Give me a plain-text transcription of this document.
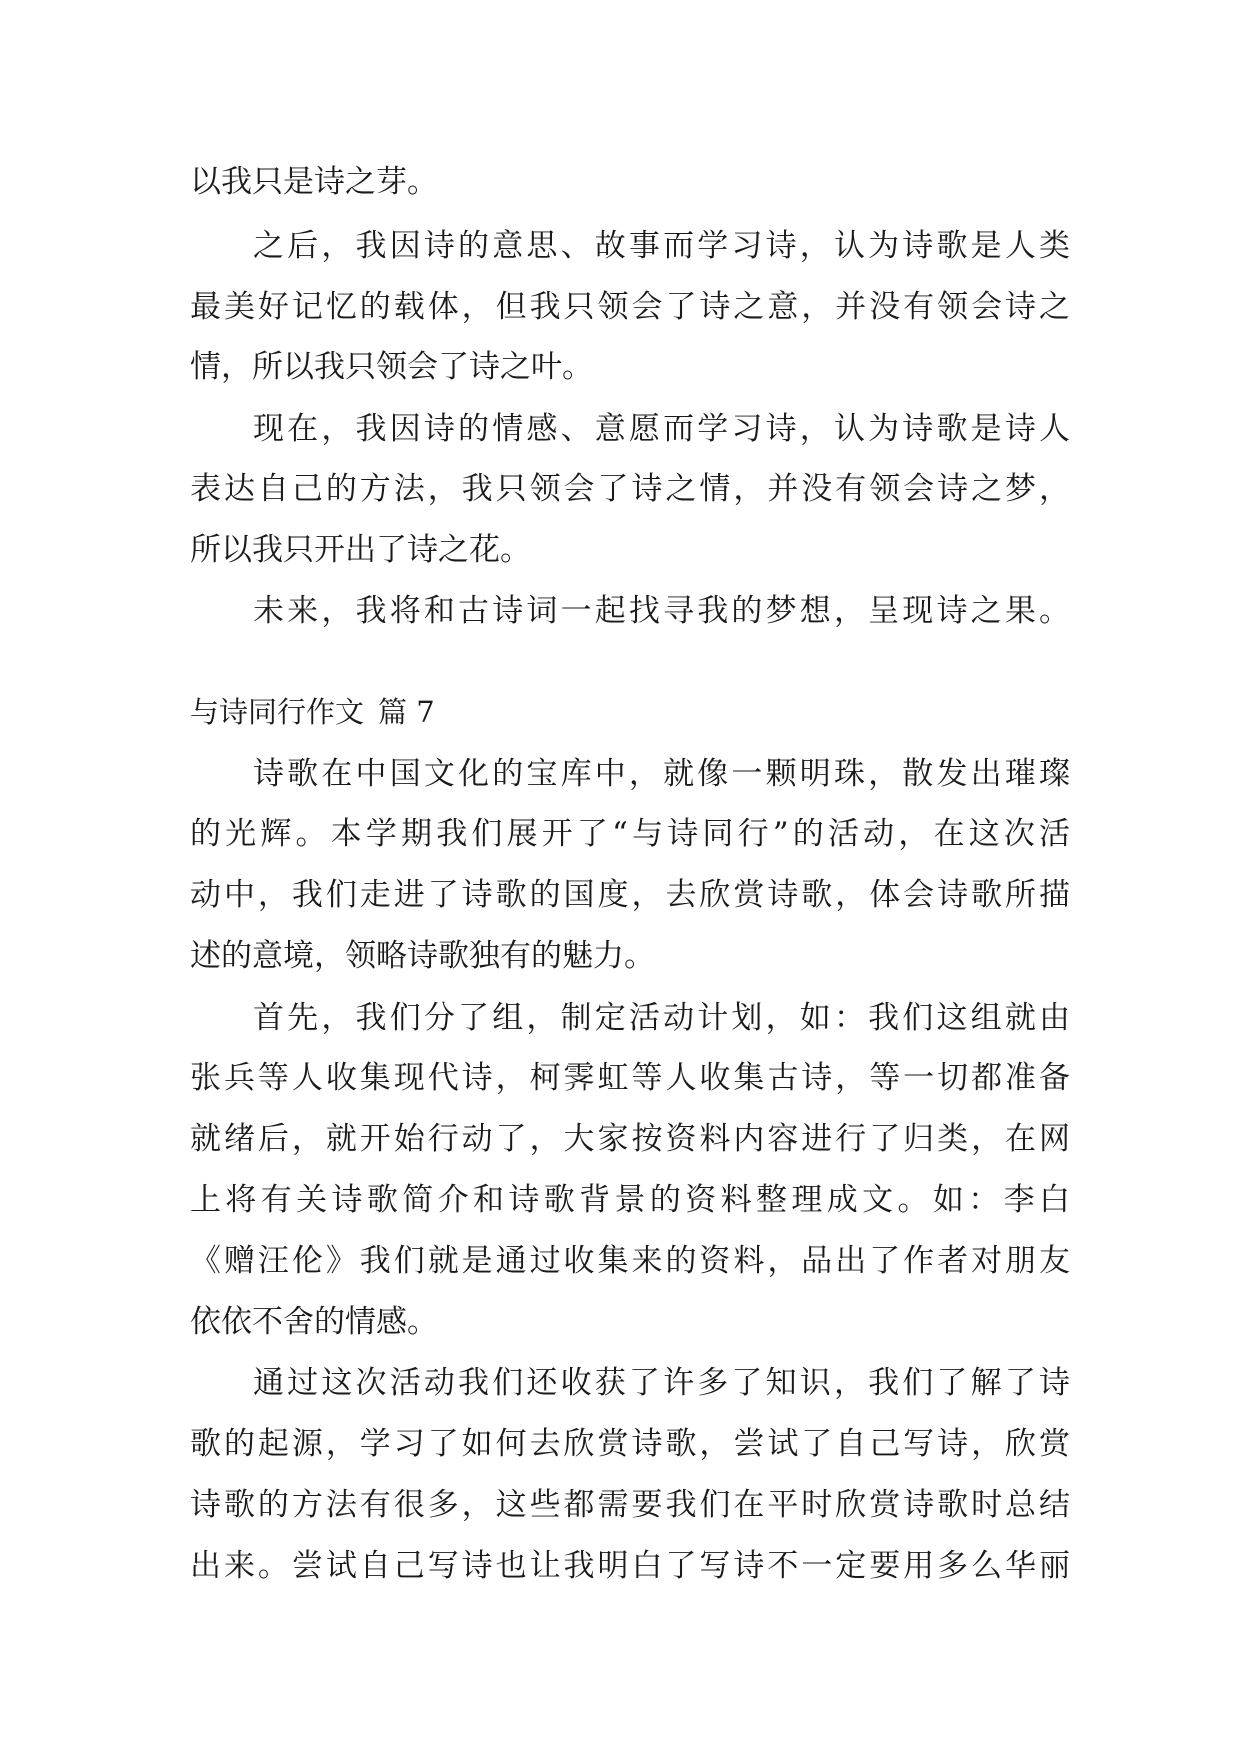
以我只是诗之芽。
之后，我因诗的意思、故事而学习诗，认为诗歌是人类
最美好记忆的载体，但我只领会了诗之意，并没有领会诗之
情，所以我只领会了诗之叶。
现在，我因诗的情感、意愿而学习诗，认为诗歌是诗人
表达自己的方法，我只领会了诗之情，并没有领会诗之梦，
所以我只开出了诗之花。
未来，我将和古诗词一起找寻我的梦想，呈现诗之果。
与诗同行作文 篇 7
诗歌在中国文化的宝库中，就像一颗明珠，散发出璀璨
的光辉。本学期我们展开了“与诗同行”的活动，在这次活
动中，我们走进了诗歌的国度，去欣赏诗歌，体会诗歌所描
述的意境，领略诗歌独有的魅力。
首先，我们分了组，制定活动计划，如：我们这组就由
张兵等人收集现代诗，柯霁虹等人收集古诗，等一切都准备
就绪后，就开始行动了，大家按资料内容进行了归类，在网
上将有关诗歌简介和诗歌背景的资料整理成文。如：李白
《赠汪伦》我们就是通过收集来的资料，品出了作者对朋友
依依不舍的情感。
通过这次活动我们还收获了许多了知识，我们了解了诗
歌的起源，学习了如何去欣赏诗歌，尝试了自己写诗，欣赏
诗歌的方法有很多，这些都需要我们在平时欣赏诗歌时总结
出来。尝试自己写诗也让我明白了写诗不一定要用多么华丽
